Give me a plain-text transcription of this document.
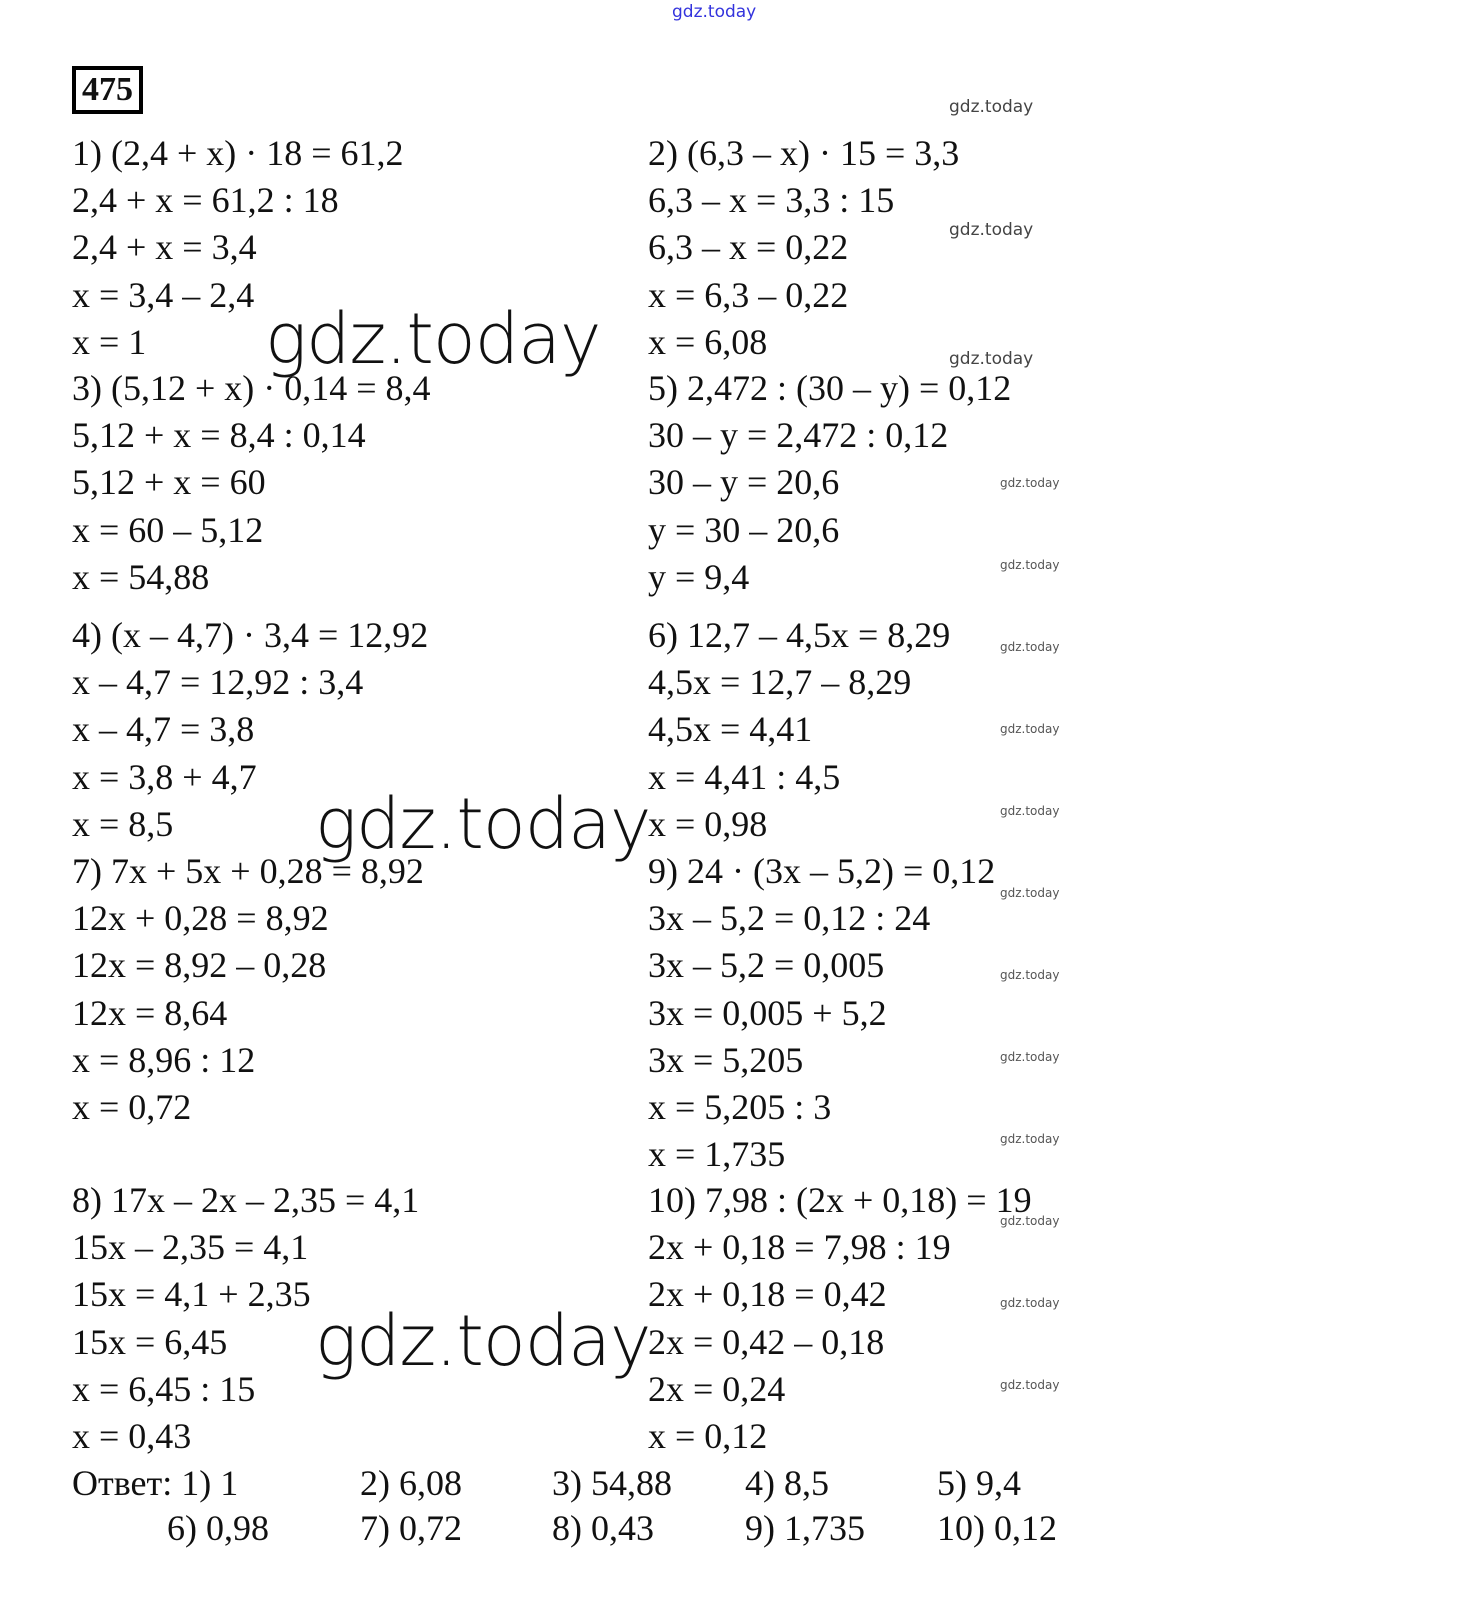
gdz.today
475
1) (2,4 + x) · 18 = 61,2
2,4 + x = 61,2 : 18
2,4 + x = 3,4
x = 3,4 – 2,4
x = 1
3) (5,12 + x) · 0,14 = 8,4
5,12 + x = 8,4 : 0,14
5,12 + x = 60
x = 60 – 5,12
x = 54,88
4) (x – 4,7) · 3,4 = 12,92
x – 4,7 = 12,92 : 3,4
x – 4,7 = 3,8
x = 3,8 + 4,7
x = 8,5
7) 7x + 5x + 0,28 = 8,92
12x + 0,28 = 8,92
12x = 8,92 – 0,28
12x = 8,64
x = 8,96 : 12
x = 0,72
8) 17x – 2x – 2,35 = 4,1
15x – 2,35 = 4,1
15x = 4,1 + 2,35
15x = 6,45
x = 6,45 : 15
x = 0,43
2) (6,3 – x) · 15 = 3,3
6,3 – x = 3,3 : 15
6,3 – x = 0,22
x = 6,3 – 0,22
x = 6,08
5) 2,472 : (30 – y) = 0,12
30 – y = 2,472 : 0,12
30 – y = 20,6
y = 30 – 20,6
y = 9,4
6) 12,7 – 4,5x = 8,29
4,5x = 12,7 – 8,29
4,5x = 4,41
x = 4,41 : 4,5
x = 0,98
9) 24 · (3x – 5,2) = 0,12
3x – 5,2 = 0,12 : 24
3x – 5,2 = 0,005
3x = 0,005 + 5,2
3x = 5,205
x = 5,205 : 3
x = 1,735
10) 7,98 : (2x + 0,18) = 19
2x + 0,18 = 7,98 : 19
2x + 0,18 = 0,42
2x = 0,42 – 0,18
2x = 0,24
x = 0,12
Ответ: 1) 1	2) 6,08	3) 54,88 4) 8,5	5) 9,4
6) 0,98	7) 0,72	8) 0,43	9) 1,735 10) 0,12
gdz.today
gdz.today
gdz.today
gdz.today
gdz.today
gdz.today
gdz.today
gdz.today
gdz.today
gdz.today
gdz.today
gdz.today
gdz.today
gdz.today
gdz.today
gdz.today
gdz.today
gdz.today
